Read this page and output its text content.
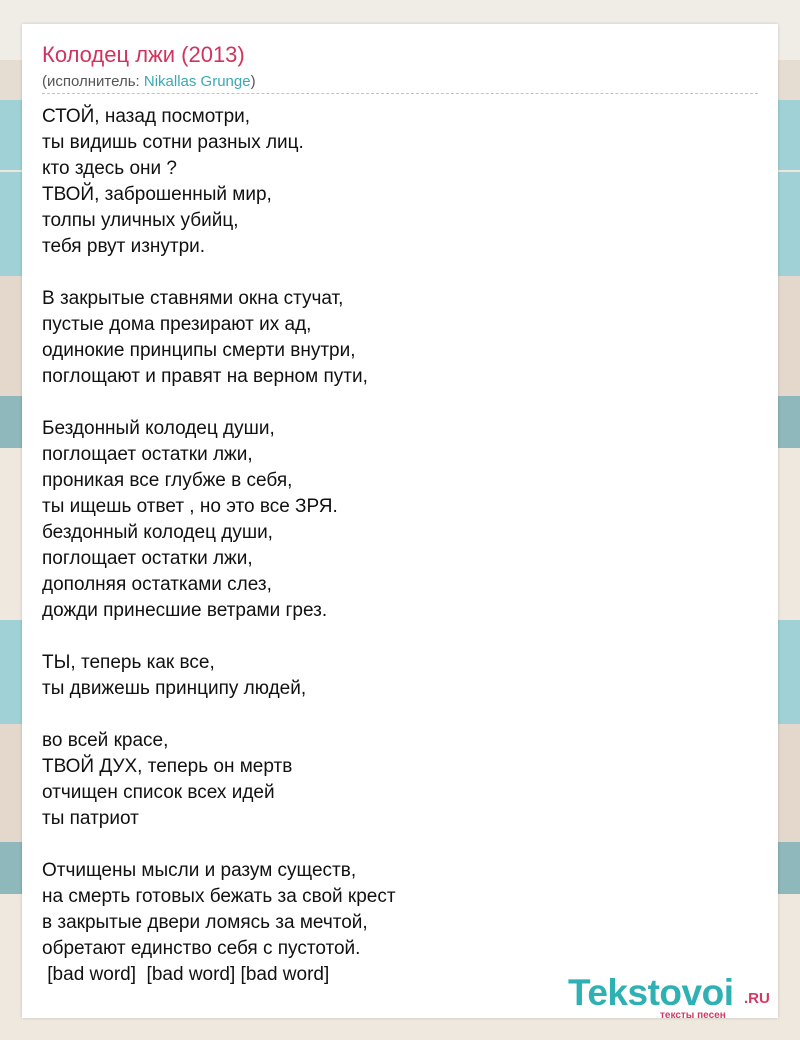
Колодец лжи (2013)
(исполнитель: Nikallas Grunge)
СТОЙ, назад посмотри,
ты видишь сотни разных лиц.
кто здесь они ?
ТВОЙ, заброшенный мир,
толпы уличных убийц,
тебя рвут изнутри.
В закрытые ставнями окна стучат,
пустые дома презирают их ад,
одинокие принципы смерти внутри,
поглощают и правят на верном пути,
Бездонный колодец души,
поглощает остатки лжи,
проникая все глубже в себя,
ты ищешь ответ , но это все ЗРЯ.
бездонный колодец души,
поглощает остатки лжи,
дополняя остатками слез,
дожди принесшие ветрами грез.
ТЫ, теперь как все,
ты движешь принципу людей,
во всей красе,
ТВОЙ ДУХ, теперь он мертв
отчищен список всех идей
ты патриот
Отчищены мысли и разум существ,
на смерть готовых бежать за свой крест
в закрытые двери ломясь за мечтой,
обретают единство себя с пустотой.
[bad word]  [bad word] [bad word]	Tekstovoi .RU
тексты песен
